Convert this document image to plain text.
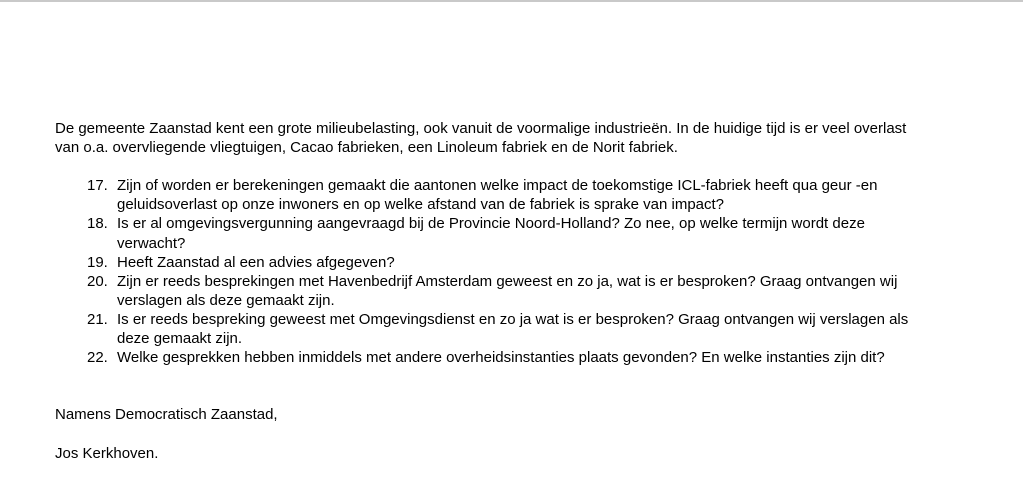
De gemeente Zaanstad kent een grote milieubelasting, ook vanuit de voormalige industrieën. In de huidige tijd is er veel overlast
van o.a. overvliegende vliegtuigen, Cacao fabrieken, een Linoleum fabriek en de Norit fabriek.

17. Zijn of worden er berekeningen gemaakt die aantonen welke impact de toekomstige ICL-fabriek heeft qua geur -en
geluidsoverlast op onze inwoners en op welke afstand van de fabriek is sprake van impact?
18. Is er al omgevingsvergunning aangevraagd bij de Provincie Noord-Holland? Zo nee, op welke termijn wordt deze
verwacht?
19. Heeft Zaanstad al een advies afgegeven?
20. Zijn er reeds besprekingen met Havenbedrijf Amsterdam geweest en zo ja, wat is er besproken? Graag ontvangen wij
verslagen als deze gemaakt zijn.
21. Is er reeds bespreking geweest met Omgevingsdienst en zo ja wat is er besproken? Graag ontvangen wij verslagen als
deze gemaakt zijn.
22. Welke gesprekken hebben inmiddels met andere overheidsinstanties plaats gevonden? En welke instanties zijn dit?

Namens Democratisch Zaanstad,

Jos Kerkhoven.
